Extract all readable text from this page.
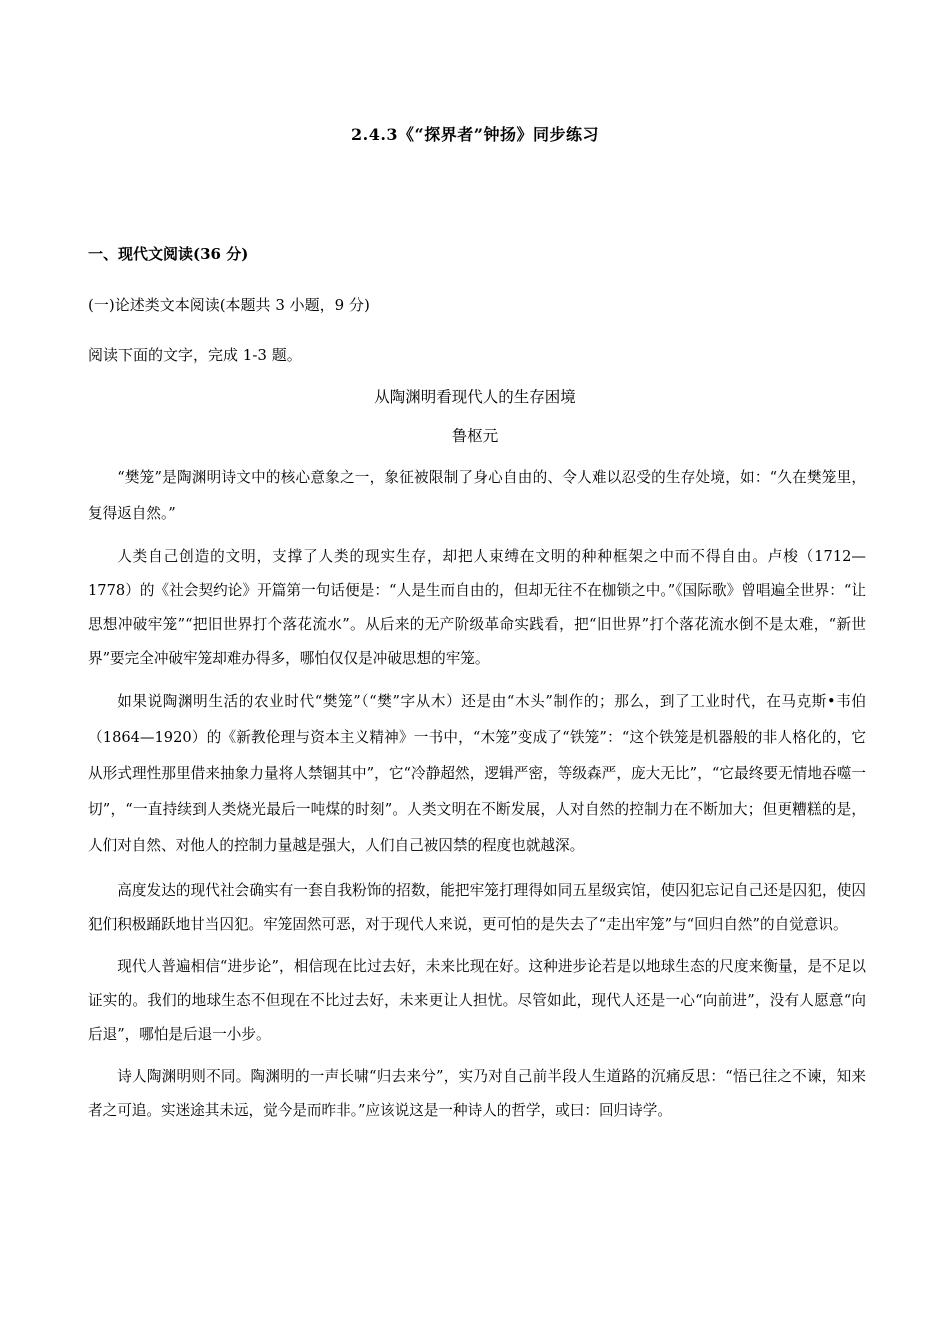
2.4.3《“探界者”钟扬》同步练习
一、现代文阅读(36 分)
(一)论述类文本阅读(本题共 3 小题，9 分)
阅读下面的文字，完成 1-3 题。
从陶渊明看现代人的生存困境
鲁枢元

“樊笼”是陶渊明诗文中的核心意象之一，象征被限制了身心自由的、令人难以忍受的生存处境，如：“久在樊笼里，复得返自然。”

人类自己创造的文明，支撑了人类的现实生存，却把人束缚在文明的种种框架之中而不得自由。卢梭（1712—1778）的《社会契约论》开篇第一句话便是：“人是生而自由的，但却无往不在枷锁之中。”《国际歌》曾唱遍全世界：“让思想冲破牢笼”“把旧世界打个落花流水”。从后来的无产阶级革命实践看，把“旧世界”打个落花流水倒不是太难，“新世界”要完全冲破牢笼却难办得多，哪怕仅仅是冲破思想的牢笼。

如果说陶渊明生活的农业时代“樊笼”（“樊”字从木）还是由“木头”制作的；那么，到了工业时代，在马克斯•韦伯（1864—1920）的《新教伦理与资本主义精神》一书中，“木笼”变成了“铁笼”：“这个铁笼是机器般的非人格化的，它从形式理性那里借来抽象力量将人禁锢其中”，它“冷静超然，逻辑严密，等级森严，庞大无比”，“它最终要无情地吞噬一切”，“一直持续到人类烧光最后一吨煤的时刻”。人类文明在不断发展，人对自然的控制力在不断加大；但更糟糕的是，人们对自然、对他人的控制力量越是强大，人们自己被囚禁的程度也就越深。

高度发达的现代社会确实有一套自我粉饰的招数，能把牢笼打理得如同五星级宾馆，使囚犯忘记自己还是囚犯，使囚犯们积极踊跃地甘当囚犯。牢笼固然可恶，对于现代人来说，更可怕的是失去了“走出牢笼”与“回归自然”的自觉意识。

现代人普遍相信“进步论”，相信现在比过去好，未来比现在好。这种进步论若是以地球生态的尺度来衡量，是不足以证实的。我们的地球生态不但现在不比过去好，未来更让人担忧。尽管如此，现代人还是一心“向前进”，没有人愿意“向后退”，哪怕是后退一小步。

诗人陶渊明则不同。陶渊明的一声长啸“归去来兮”，实乃对自己前半段人生道路的沉痛反思：“悟已往之不谏，知来者之可追。实迷途其未远，觉今是而昨非。”应该说这是一种诗人的哲学，或曰：回归诗学。
